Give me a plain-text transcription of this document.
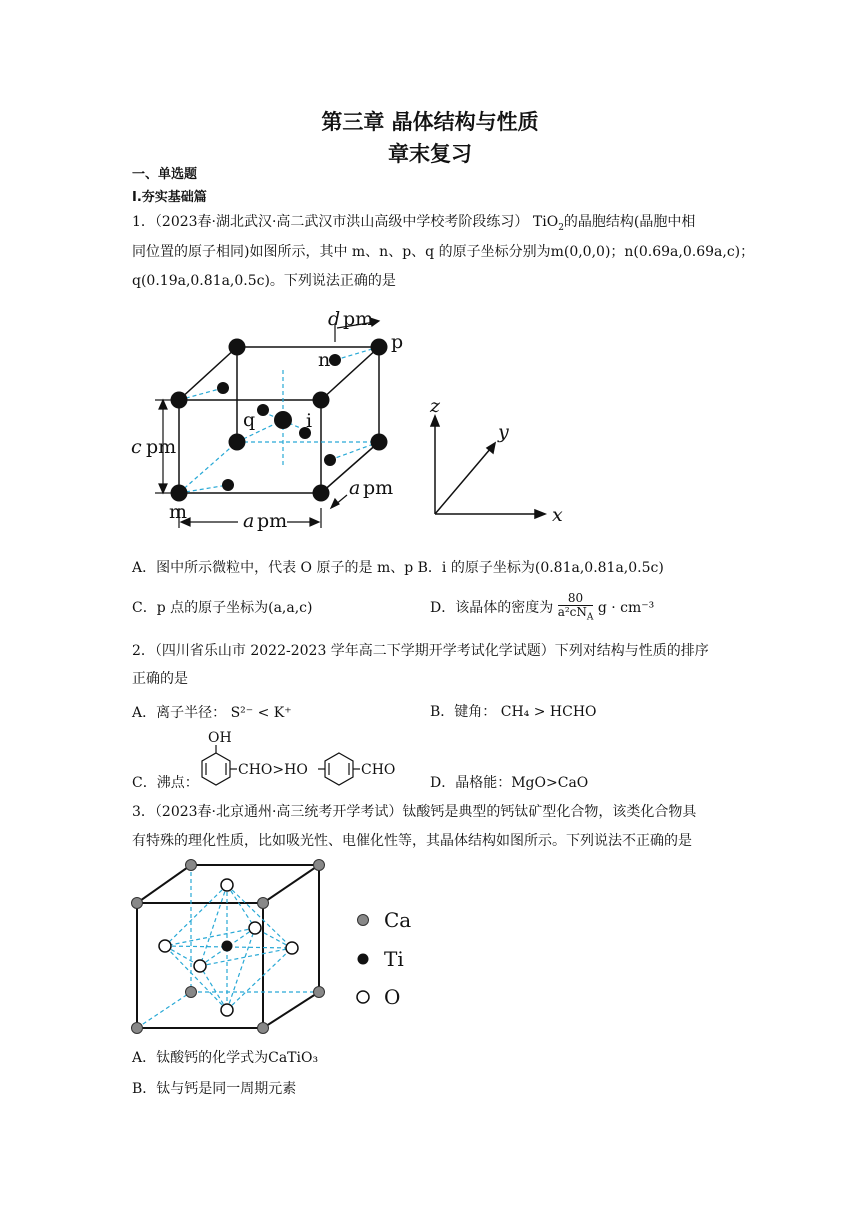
第三章 晶体结构与性质
章末复习
一、单选题
Ⅰ.夯实基础篇
1．（2023春·湖北武汉·高二武汉市洪山高级中学校考阶段练习） TiO$_2$的晶胞结构(晶胞中相
同位置的原子相同)如图所示，其中 m、n、p、q 的原子坐标分别为m(0,0,0)；n(0.69a,0.69a,c)；
q(0.19a,0.81a,0.5c)。下列说法正确的是
d pm
n
p
q	i
c pm
a pm
a pm
m
z
y
x
A．图中所示微粒中，代表 O 原子的是 m、p B．i 的原子坐标为(0.81a,0.81a,0.5c)
C．p 点的原子坐标为(a,a,c)	D．该晶体的密度为 $\frac{80}{a^2cN_A}$ g · cm⁻³
2．（四川省乐山市 2022-2023 学年高二下学期开学考试化学试题）下列对结构与性质的排序
正确的是
A．离子半径： S²⁻ < K⁺	B．键角： CH₄ > HCHO
C．沸点：
OH
CHO>HO	CHO
D．晶格能：MgO>CaO
3．（2023春·北京通州·高三统考开学考试）钛酸钙是典型的钙钛矿型化合物，该类化合物具
有特殊的理化性质，比如吸光性、电催化性等，其晶体结构如图所示。下列说法不正确的是
Ca
Ti
O
A．钛酸钙的化学式为CaTiO₃
B．钛与钙是同一周期元素
